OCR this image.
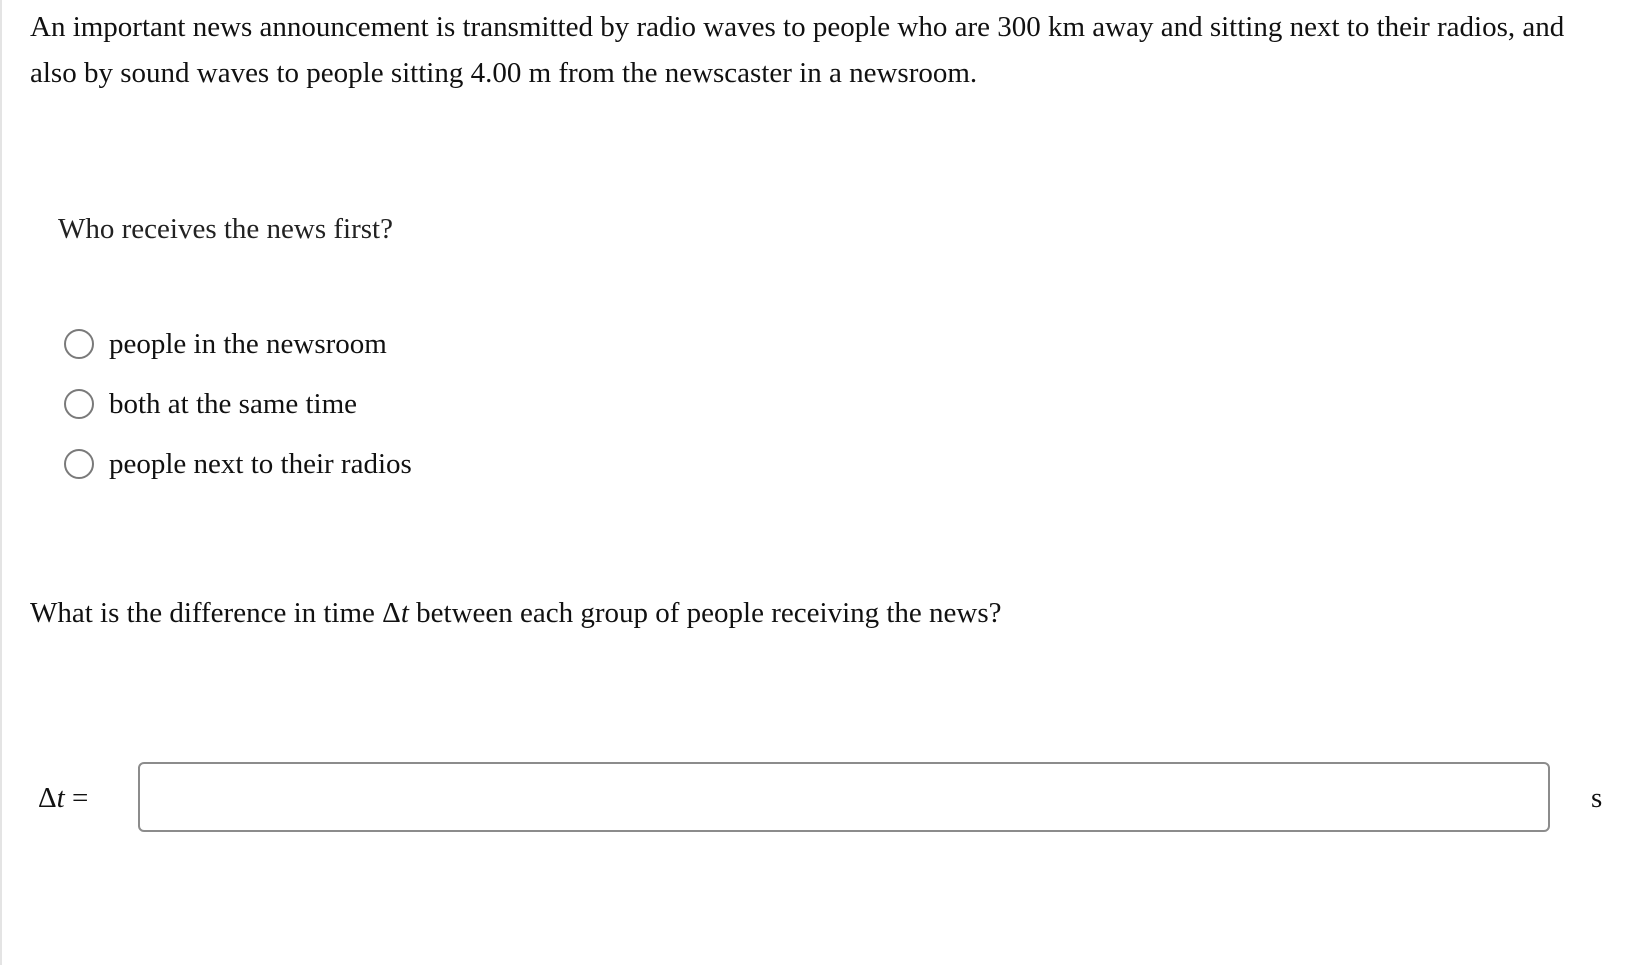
An important news announcement is transmitted by radio waves to people who are 300 km away and sitting next to their radios, and also by sound waves to people sitting 4.00 m from the newscaster in a newsroom.

Who receives the news first?

people in the newsroom
both at the same time
people next to their radios

What is the difference in time Δt between each group of people receiving the news?

Δt =	s
